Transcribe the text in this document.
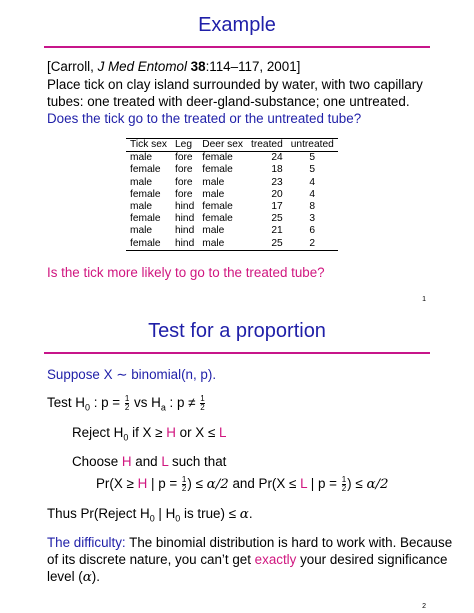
Example
[Carroll, J Med Entomol 38:114–117, 2001]
Place tick on clay island surrounded by water, with two capillary
tubes: one treated with deer-gland-substance; one untreated.
Does the tick go to the treated or the untreated tube?
Tick sex	Leg	Deer sex	treated	untreated
male	fore	female	24	5
female	fore	female	18	5
male	fore	male	23	4
female	fore	male	20	4
male	hind	female	17	8
female	hind	female	25	3
male	hind	male	21	6
female	hind	male	25	2
Is the tick more likely to go to the treated tube?
1
Test for a proportion
Suppose X ∼ binomial(n, p).
Test $H_0$ : $p = \frac{1}{2}$ vs $H_a$ : $p \ne \frac{1}{2}$
Reject $H_0$ if X ≥ H or X ≤ L
Choose H and L such that
Pr(X ≥ H | $p = \frac{1}{2}$ ) ≤ α/2 and Pr(X ≤ L | $p = \frac{1}{2}$ ) ≤ α/2
Thus Pr(Reject $H_0$ | $H_0$ is true) ≤ α.
The difficulty: The binomial distribution is hard to work with. Because
of its discrete nature, you can’t get exactly your desired significance
level (α).
2
